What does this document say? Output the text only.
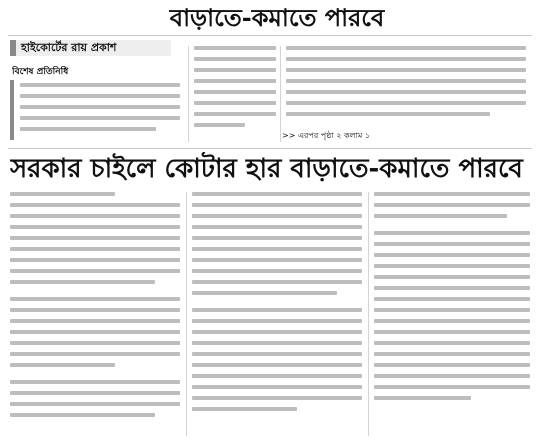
বাড়াতে-কমাতে পারবে
হাইকোর্টের রায় প্রকাশ
বিশেষ প্রতিনিধি
>> এরপর পৃষ্ঠা ২ কলাম ১
সরকার চাইলে কোটার হার বাড়াতে-কমাতে পারবে
